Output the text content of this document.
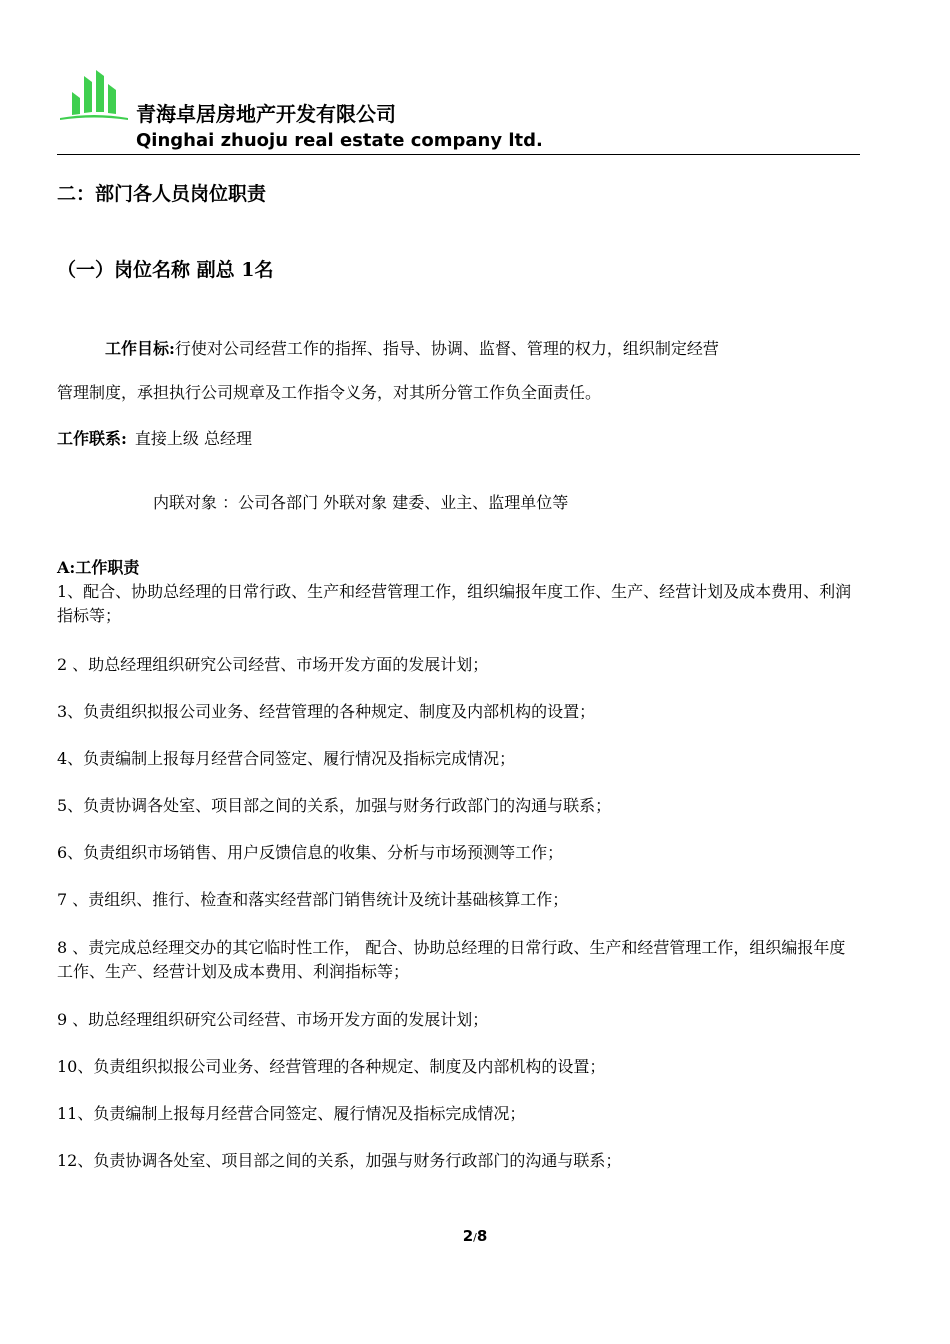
青海卓居房地产开发有限公司
Qinghai zhuoju real estate company ltd.
二：部门各人员岗位职责
（一）岗位名称 副总 1名
工作目标:行使对公司经营工作的指挥、指导、协调、监督、管理的权力，组织制定经营
管理制度，承担执行公司规章及工作指令义务，对其所分管工作负全面责任。
工作联系: 直接上级 总经理
内联对象 ：公司各部门 外联对象 建委、业主、监理单位等
A:工作职责
1、配合、协助总经理的日常行政、生产和经营管理工作，组织编报年度工作、生产、经营计划及成本费用、利润指标等；
2 、助总经理组织研究公司经营、市场开发方面的发展计划；
3、负责组织拟报公司业务、经营管理的各种规定、制度及内部机构的设置；
4、负责编制上报每月经营合同签定、履行情况及指标完成情况；
5、负责协调各处室、项目部之间的关系，加强与财务行政部门的沟通与联系；
6、负责组织市场销售、用户反馈信息的收集、分析与市场预测等工作；
7 、责组织、推行、检查和落实经营部门销售统计及统计基础核算工作；
8 、责完成总经理交办的其它临时性工作， 配合、协助总经理的日常行政、生产和经营管理工作，组织编报年度工作、生产、经营计划及成本费用、利润指标等；
9 、助总经理组织研究公司经营、市场开发方面的发展计划；
10、负责组织拟报公司业务、经营管理的各种规定、制度及内部机构的设置；
11、负责编制上报每月经营合同签定、履行情况及指标完成情况；
12、负责协调各处室、项目部之间的关系，加强与财务行政部门的沟通与联系；
2/8
